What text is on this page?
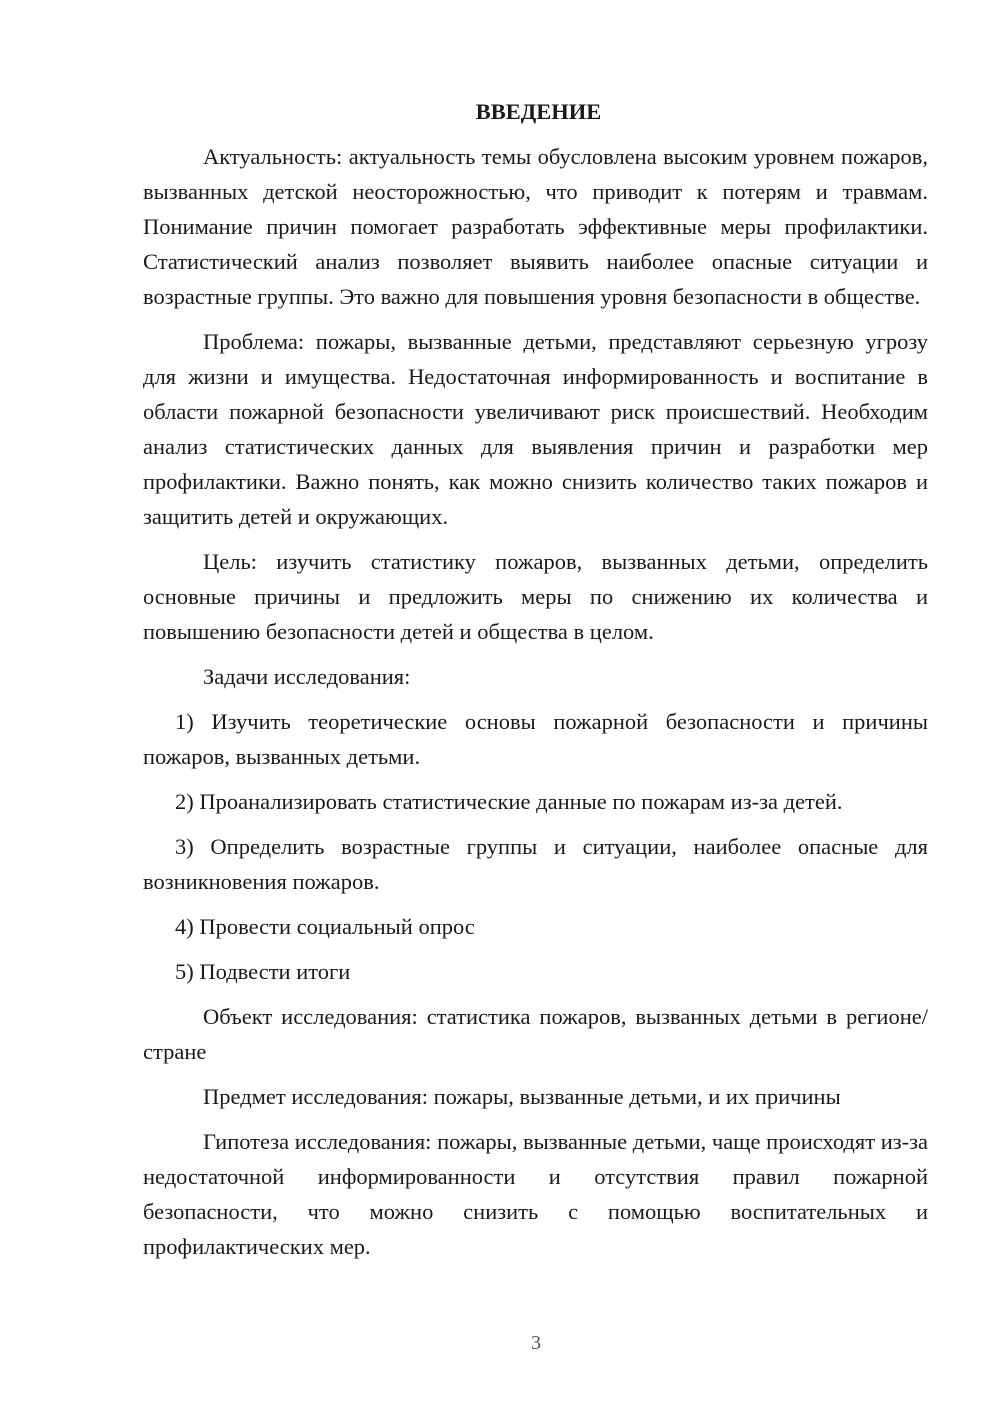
ВВЕДЕНИЕ

Актуальность: актуальность темы обусловлена высоким уровнем пожаров, вызванных детской неосторожностью, что приводит к потерям и травмам. Понимание причин помогает разработать эффективные меры профилактики. Статистический анализ позволяет выявить наиболее опасные ситуации и возрастные группы. Это важно для повышения уровня безопасности в обществе.

Проблема: пожары, вызванные детьми, представляют серьезную угрозу для жизни и имущества. Недостаточная информированность и воспитание в области пожарной безопасности увеличивают риск происшествий. Необходим анализ статистических данных для выявления причин и разработки мер профилактики. Важно понять, как можно снизить количество таких пожаров и защитить детей и окружающих.

Цель: изучить статистику пожаров, вызванных детьми, определить основные причины и предложить меры по снижению их количества и повышению безопасности детей и общества в целом.

Задачи исследования:

1) Изучить теоретические основы пожарной безопасности и причины пожаров, вызванных детьми.

2) Проанализировать статистические данные по пожарам из-за детей.

3) Определить возрастные группы и ситуации, наиболее опасные для возникновения пожаров.

4) Провести социальный опрос

5) Подвести итоги

Объект исследования: статистика пожаров, вызванных детьми в регионе/стране

Предмет исследования: пожары, вызванные детьми, и их причины

Гипотеза исследования: пожары, вызванные детьми, чаще происходят из-за недостаточной информированности и отсутствия правил пожарной безопасности, что можно снизить с помощью воспитательных и профилактических мер.

3
